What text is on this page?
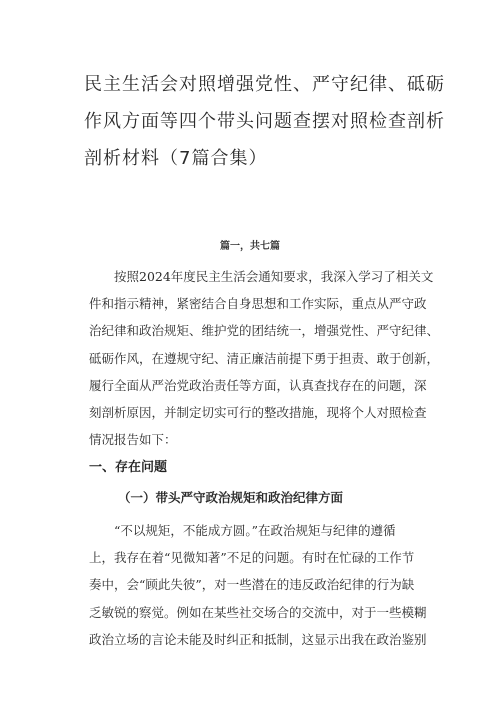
民主生活会对照增强党性、严守纪律、砥砺
作风方面等四个带头问题查摆对照检查剖析
剖析材料（7篇合集）
篇一，共七篇

　　按照2024年度民主生活会通知要求，我深入学习了相关文
件和指示精神，紧密结合自身思想和工作实际，重点从严守政
治纪律和政治规矩、维护党的团结统一，增强党性、严守纪律、
砥砺作风，在遵规守纪、清正廉洁前提下勇于担责、敢于创新，
履行全面从严治党政治责任等方面，认真查找存在的问题，深
刻剖析原因，并制定切实可行的整改措施，现将个人对照检查
情况报告如下：

一、存在问题
（一）带头严守政治规矩和政治纪律方面

　　“不以规矩，不能成方圆。”在政治规矩与纪律的遵循
上，我存在着“见微知著”不足的问题。有时在忙碌的工作节
奏中，会“顾此失彼”，对一些潜在的违反政治纪律的行为缺
乏敏锐的察觉。例如在某些社交场合的交流中，对于一些模糊
政治立场的言论未能及时纠正和抵制，这显示出我在政治鉴别
